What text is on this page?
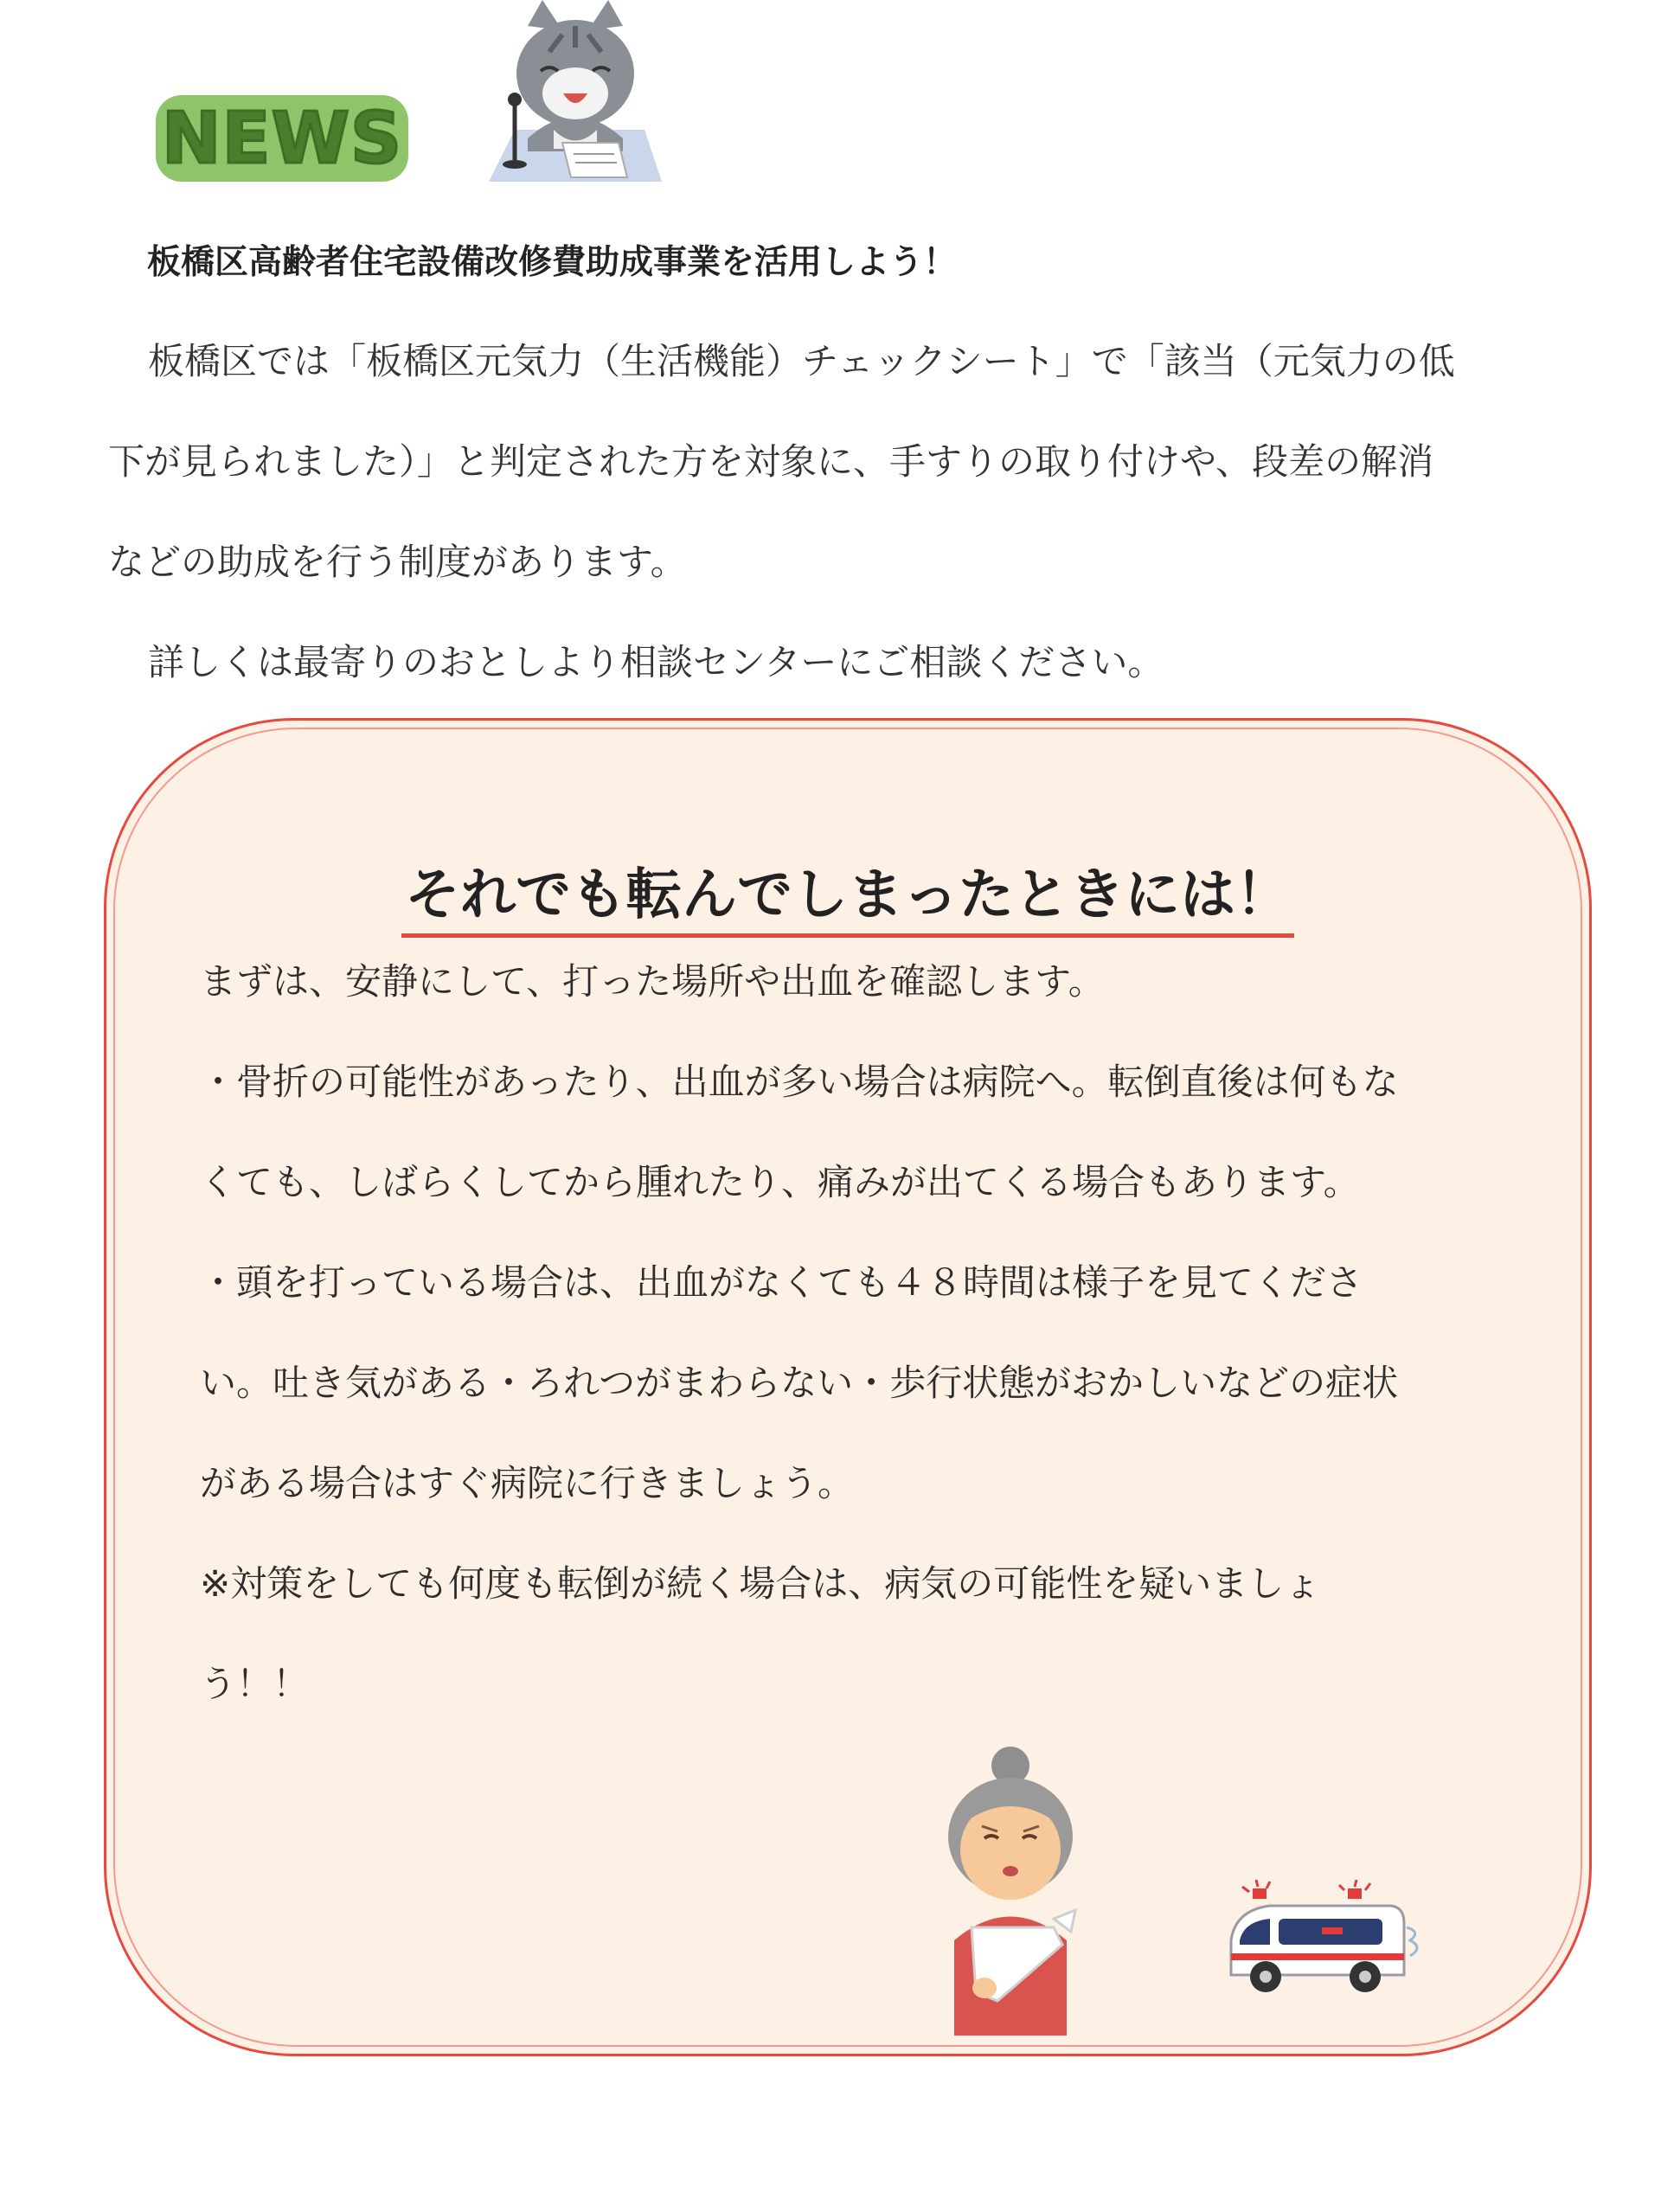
NEWS
板橋区高齢者住宅設備改修費助成事業を活用しよう！

板橋区では「板橋区元気力（生活機能）チェックシート」で「該当（元気力の低

下が見られました）」と判定された方を対象に、手すりの取り付けや、段差の解消

などの助成を行う制度があります。

詳しくは最寄りのおとしより相談センターにご相談ください。

それでも転んでしまったときには！

まずは、安静にして、打った場所や出血を確認します。

・骨折の可能性があったり、出血が多い場合は病院へ。転倒直後は何もな

くても、しばらくしてから腫れたり、痛みが出てくる場合もあります。

・頭を打っている場合は、出血がなくても４８時間は様子を見てくださ

い。吐き気がある・ろれつがまわらない・歩行状態がおかしいなどの症状

がある場合はすぐ病院に行きましょう。

※対策をしても何度も転倒が続く場合は、病気の可能性を疑いましょ

う！！
